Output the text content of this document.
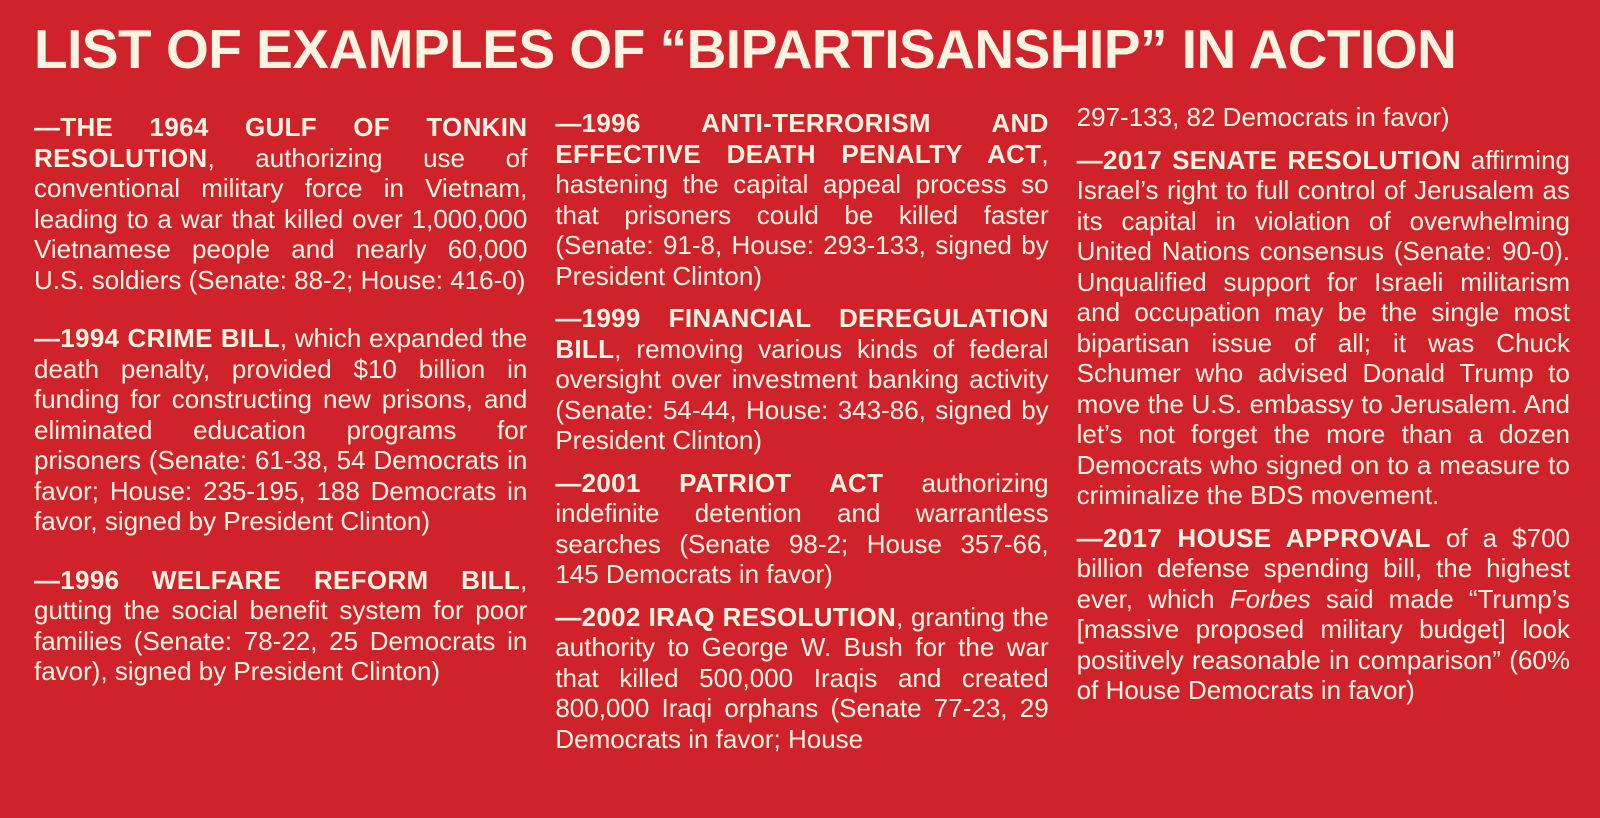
LIST OF EXAMPLES OF “BIPARTISANSHIP” IN ACTION

—THE 1964 GULF OF TONKIN RESOLUTION, authorizing use of conventional military force in Vietnam, leading to a war that killed over 1,000,000 Vietnamese people and nearly 60,000 U.S. soldiers (Senate: 88-2; House: 416-0)

—1994 CRIME BILL, which expanded the death penalty, provided $10 billion in funding for constructing new prisons, and eliminated education programs for prisoners (Senate: 61-38, 54 Democrats in favor; House: 235-195, 188 Democrats in favor, signed by President Clinton)

—1996 WELFARE REFORM BILL, gutting the social benefit system for poor families (Senate: 78-22, 25 Democrats in favor), signed by President Clinton)

—1996 ANTI-TERRORISM AND EFFECTIVE DEATH PENALTY ACT, hastening the capital appeal process so that prisoners could be killed faster (Senate: 91-8, House: 293-133, signed by President Clinton)

—1999 FINANCIAL DEREGULATION BILL, removing various kinds of federal oversight over investment banking activity (Senate: 54-44, House: 343-86, signed by President Clinton)

—2001 PATRIOT ACT authorizing indefinite detention and warrantless searches (Senate 98-2; House 357-66, 145 Democrats in favor)

—2002 IRAQ RESOLUTION, granting the authority to George W. Bush for the war that killed 500,000 Iraqis and created 800,000 Iraqi orphans (Senate 77-23, 29 Democrats in favor; House

297-133, 82 Democrats in favor)

—2017 SENATE RESOLUTION affirming Israel’s right to full control of Jerusalem as its capital in violation of overwhelming United Nations consensus (Senate: 90-0). Unqualified support for Israeli militarism and occupation may be the single most bipartisan issue of all; it was Chuck Schumer who advised Donald Trump to move the U.S. embassy to Jerusalem. And let’s not forget the more than a dozen Democrats who signed on to a measure to criminalize the BDS movement.

—2017 HOUSE APPROVAL of a $700 billion defense spending bill, the highest ever, which Forbes said made “Trump’s [massive proposed military budget] look positively reasonable in comparison” (60% of House Democrats in favor)
